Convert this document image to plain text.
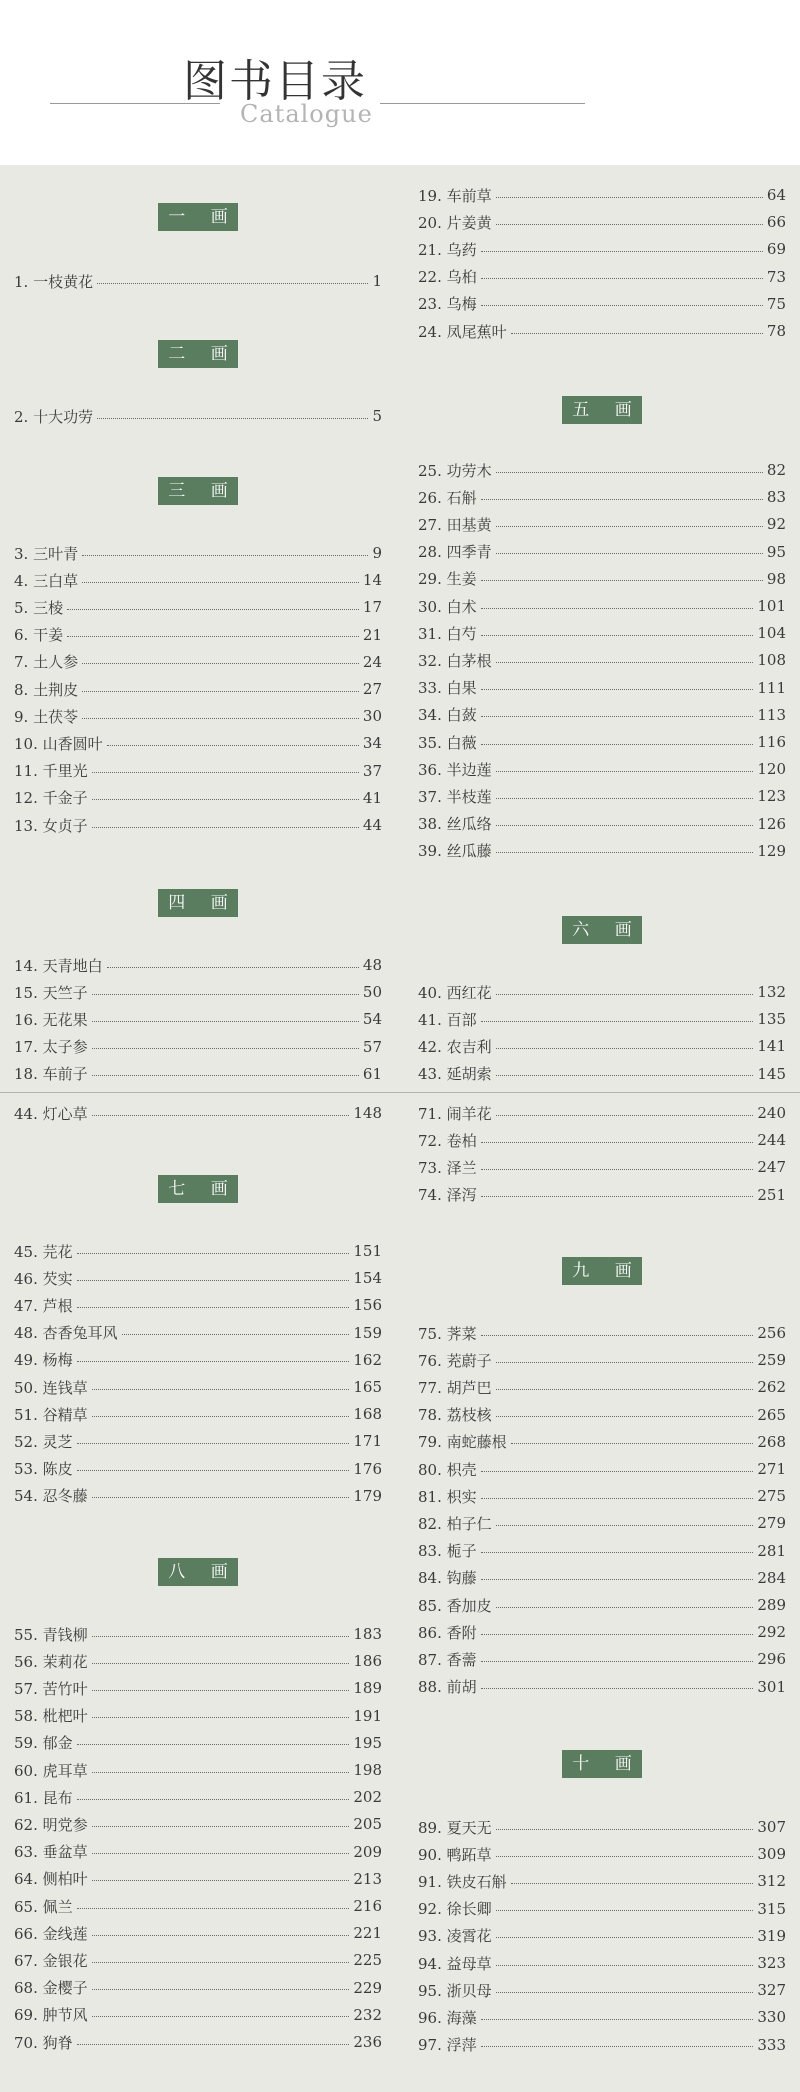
图书目录
Catalogue
一 画
1. 一枝黄花	1
二 画
2. 十大功劳	5
三 画
3. 三叶青	9
4. 三白草	14
5. 三棱	17
6. 干姜	21
7. 土人参	24
8. 土荆皮	27
9. 土茯苓	30
10. 山香圆叶	34
11. 千里光	37
12. 千金子	41
13. 女贞子	44
四 画
14. 天青地白	48
15. 天竺子	50
16. 无花果	54
17. 太子参	57
18. 车前子	61
19. 车前草	64
20. 片姜黄	66
21. 乌药	69
22. 乌桕	73
23. 乌梅	75
24. 凤尾蕉叶	78
五 画
25. 功劳木	82
26. 石斛	83
27. 田基黄	92
28. 四季青	95
29. 生姜	98
30. 白术	101
31. 白芍	104
32. 白茅根	108
33. 白果	111
34. 白蔹	113
35. 白薇	116
36. 半边莲	120
37. 半枝莲	123
38. 丝瓜络	126
39. 丝瓜藤	129
六 画
40. 西红花	132
41. 百部	135
42. 农吉利	141
43. 延胡索	145
44. 灯心草	148
七 画
45. 芫花	151
46. 芡实	154
47. 芦根	156
48. 杏香兔耳风	159
49. 杨梅	162
50. 连钱草	165
51. 谷精草	168
52. 灵芝	171
53. 陈皮	176
54. 忍冬藤	179
八 画
55. 青钱柳	183
56. 茉莉花	186
57. 苦竹叶	189
58. 枇杷叶	191
59. 郁金	195
60. 虎耳草	198
61. 昆布	202
62. 明党参	205
63. 垂盆草	209
64. 侧柏叶	213
65. 佩兰	216
66. 金线莲	221
67. 金银花	225
68. 金樱子	229
69. 肿节风	232
70. 狗脊	236
71. 闹羊花	240
72. 卷柏	244
73. 泽兰	247
74. 泽泻	251
九 画
75. 荠菜	256
76. 茺蔚子	259
77. 胡芦巴	262
78. 荔枝核	265
79. 南蛇藤根	268
80. 枳壳	271
81. 枳实	275
82. 柏子仁	279
83. 栀子	281
84. 钩藤	284
85. 香加皮	289
86. 香附	292
87. 香薷	296
88. 前胡	301
十 画
89. 夏天无	307
90. 鸭跖草	309
91. 铁皮石斛	312
92. 徐长卿	315
93. 凌霄花	319
94. 益母草	323
95. 浙贝母	327
96. 海藻	330
97. 浮萍	333
